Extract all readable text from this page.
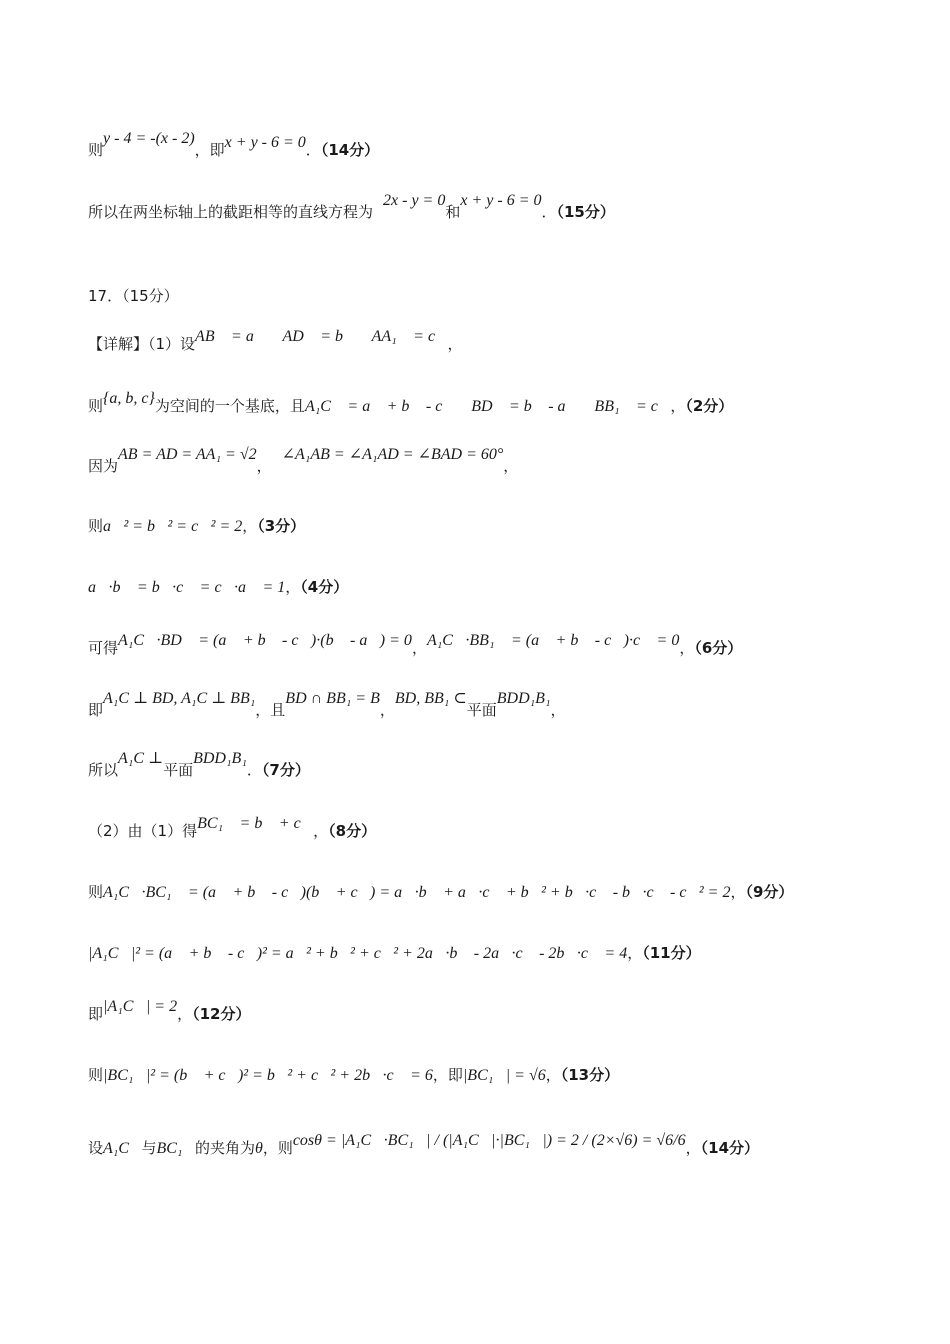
则y - 4 = -(x - 2)，即x + y - 6 = 0．（14分）
所以在两坐标轴上的截距相等的直线方程为2x - y = 0和x + y - 6 = 0．（15分）
17．（15分）
【详解】（1）设AB⃗ = a⃗， AD⃗ = b⃗， AA₁⃗ = c⃗，
则{a, b, c}为空间的一个基底，且A₁C⃗ = a⃗ + b⃗ - c⃗， BD⃗ = b⃗ - a⃗， BB₁⃗ = c⃗，（2分）
因为AB = AD = AA₁ = √2，∠A₁AB = ∠A₁AD = ∠BAD = 60°，
则a⃗² = b⃗² = c⃗² = 2，（3分）
a⃗·b⃗ = b⃗·c⃗ = c⃗·a⃗ = 1，（4分）
可得A₁C⃗·BD⃗ = (a⃗ + b⃗ - c⃗)·(b⃗ - a⃗) = 0，A₁C⃗·BB₁⃗ = (a⃗ + b⃗ - c⃗)·c⃗ = 0，（6分）
即A₁C ⊥ BD, A₁C ⊥ BB₁，且BD ∩ BB₁ = B，BD, BB₁ ⊂平面BDD₁B₁，
所以A₁C ⊥平面BDD₁B₁．（7分）
（2）由（1）得BC₁⃗ = b⃗ + c⃗，（8分）
则A₁C⃗·BC₁⃗ = (a⃗ + b⃗ - c⃗)(b⃗ + c⃗) = a⃗·b⃗ + a⃗·c⃗ + b⃗² + b⃗·c⃗ - b⃗·c⃗ - c⃗² = 2，（9分）
|A₁C⃗|² = (a⃗ + b⃗ - c⃗)² = a⃗² + b⃗² + c⃗² + 2a⃗·b⃗ - 2a⃗·c⃗ - 2b⃗·c⃗ = 4，（11分）
即|A₁C⃗| = 2，（12分）
则|BC₁⃗|² = (b⃗ + c⃗)² = b⃗² + c⃗² + 2b⃗·c⃗ = 6，即|BC₁⃗| = √6，（13分）
设A₁C⃗与BC₁⃗的夹角为θ，则cosθ = |A₁C⃗·BC₁⃗| / (|A₁C⃗|·|BC₁⃗|) = 2 / (2×√6) = √6/6，（14分）
